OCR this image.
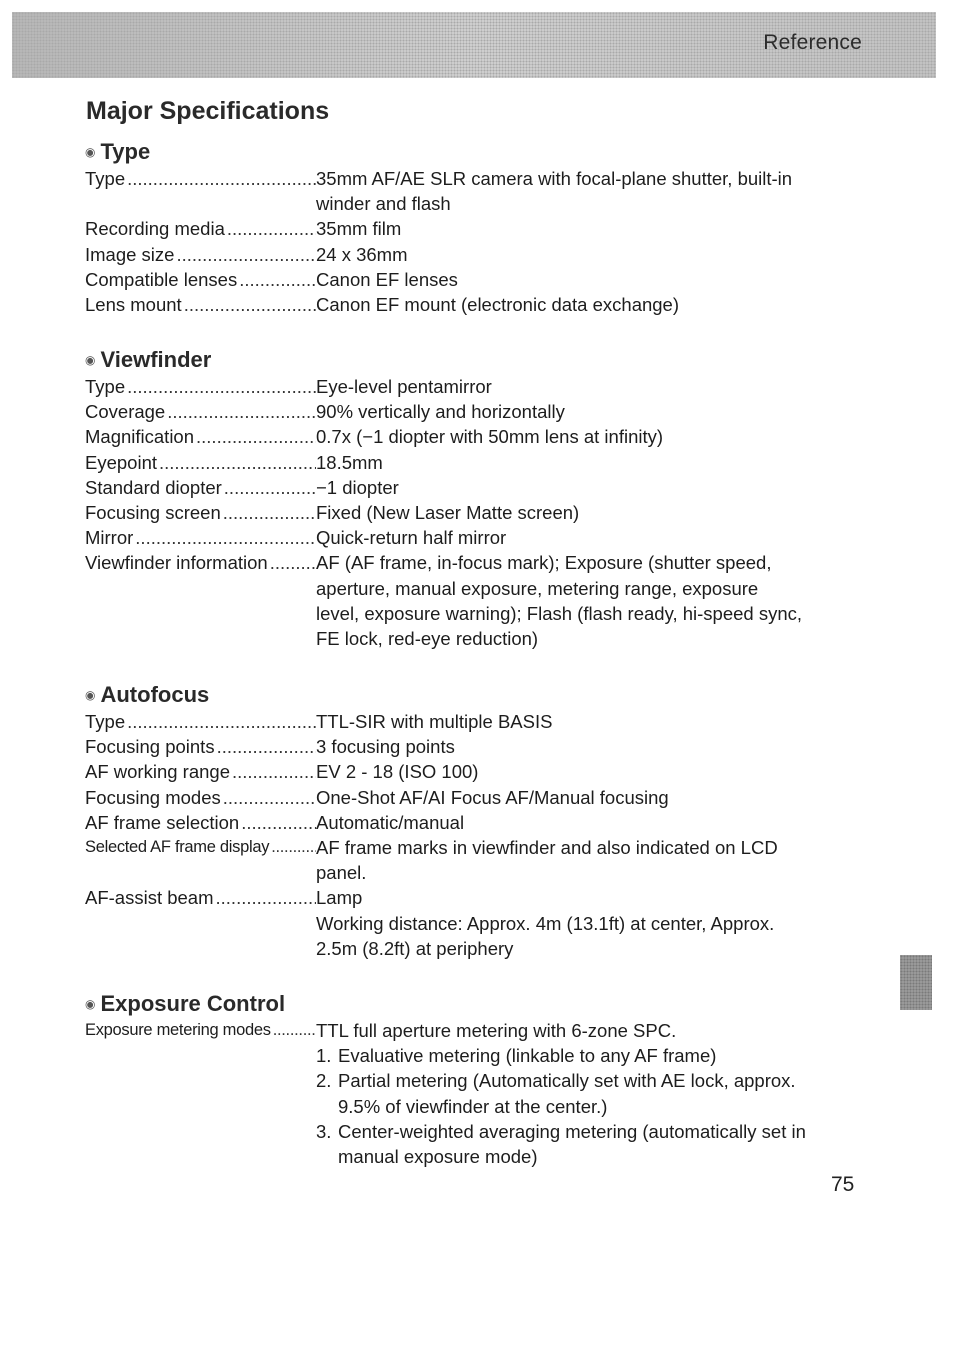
Reference
Major Specifications
◉ Type
Type .....	35mm AF/AE SLR camera with focal-plane shutter, built-in
winder and flash
Recording media .....	35mm film
Image size .....	24 x 36mm
Compatible lenses .....	Canon EF lenses
Lens mount .....	Canon EF mount (electronic data exchange)
◉ Viewfinder
Type .....	Eye-level pentamirror
Coverage .....	90% vertically and horizontally
Magnification .....	0.7x (−1 diopter with 50mm lens at infinity)
Eyepoint .....	18.5mm
Standard diopter .....	−1 diopter
Focusing screen .....	Fixed (New Laser Matte screen)
Mirror .....	Quick-return half mirror
Viewfinder information .....	AF (AF frame, in-focus mark); Exposure (shutter speed,
aperture, manual exposure, metering range, exposure
level, exposure warning); Flash (flash ready, hi-speed sync,
FE lock, red-eye reduction)
◉ Autofocus
Type .....	TTL-SIR with multiple BASIS
Focusing points .....	3 focusing points
AF working range .....	EV 2 - 18 (ISO 100)
Focusing modes .....	One-Shot AF/AI Focus AF/Manual focusing
AF frame selection .....	Automatic/manual
Selected AF frame display .....	AF frame marks in viewfinder and also indicated on LCD
panel.
AF-assist beam .....	Lamp
Working distance: Approx. 4m (13.1ft) at center, Approx.
2.5m (8.2ft) at periphery
◉ Exposure Control
Exposure metering modes ..... TTL full aperture metering with 6-zone SPC.
1. Evaluative metering (linkable to any AF frame)
2. Partial metering (Automatically set with AE lock, approx.
9.5% of viewfinder at the center.)
3. Center-weighted averaging metering (automatically set in
manual exposure mode)
75
